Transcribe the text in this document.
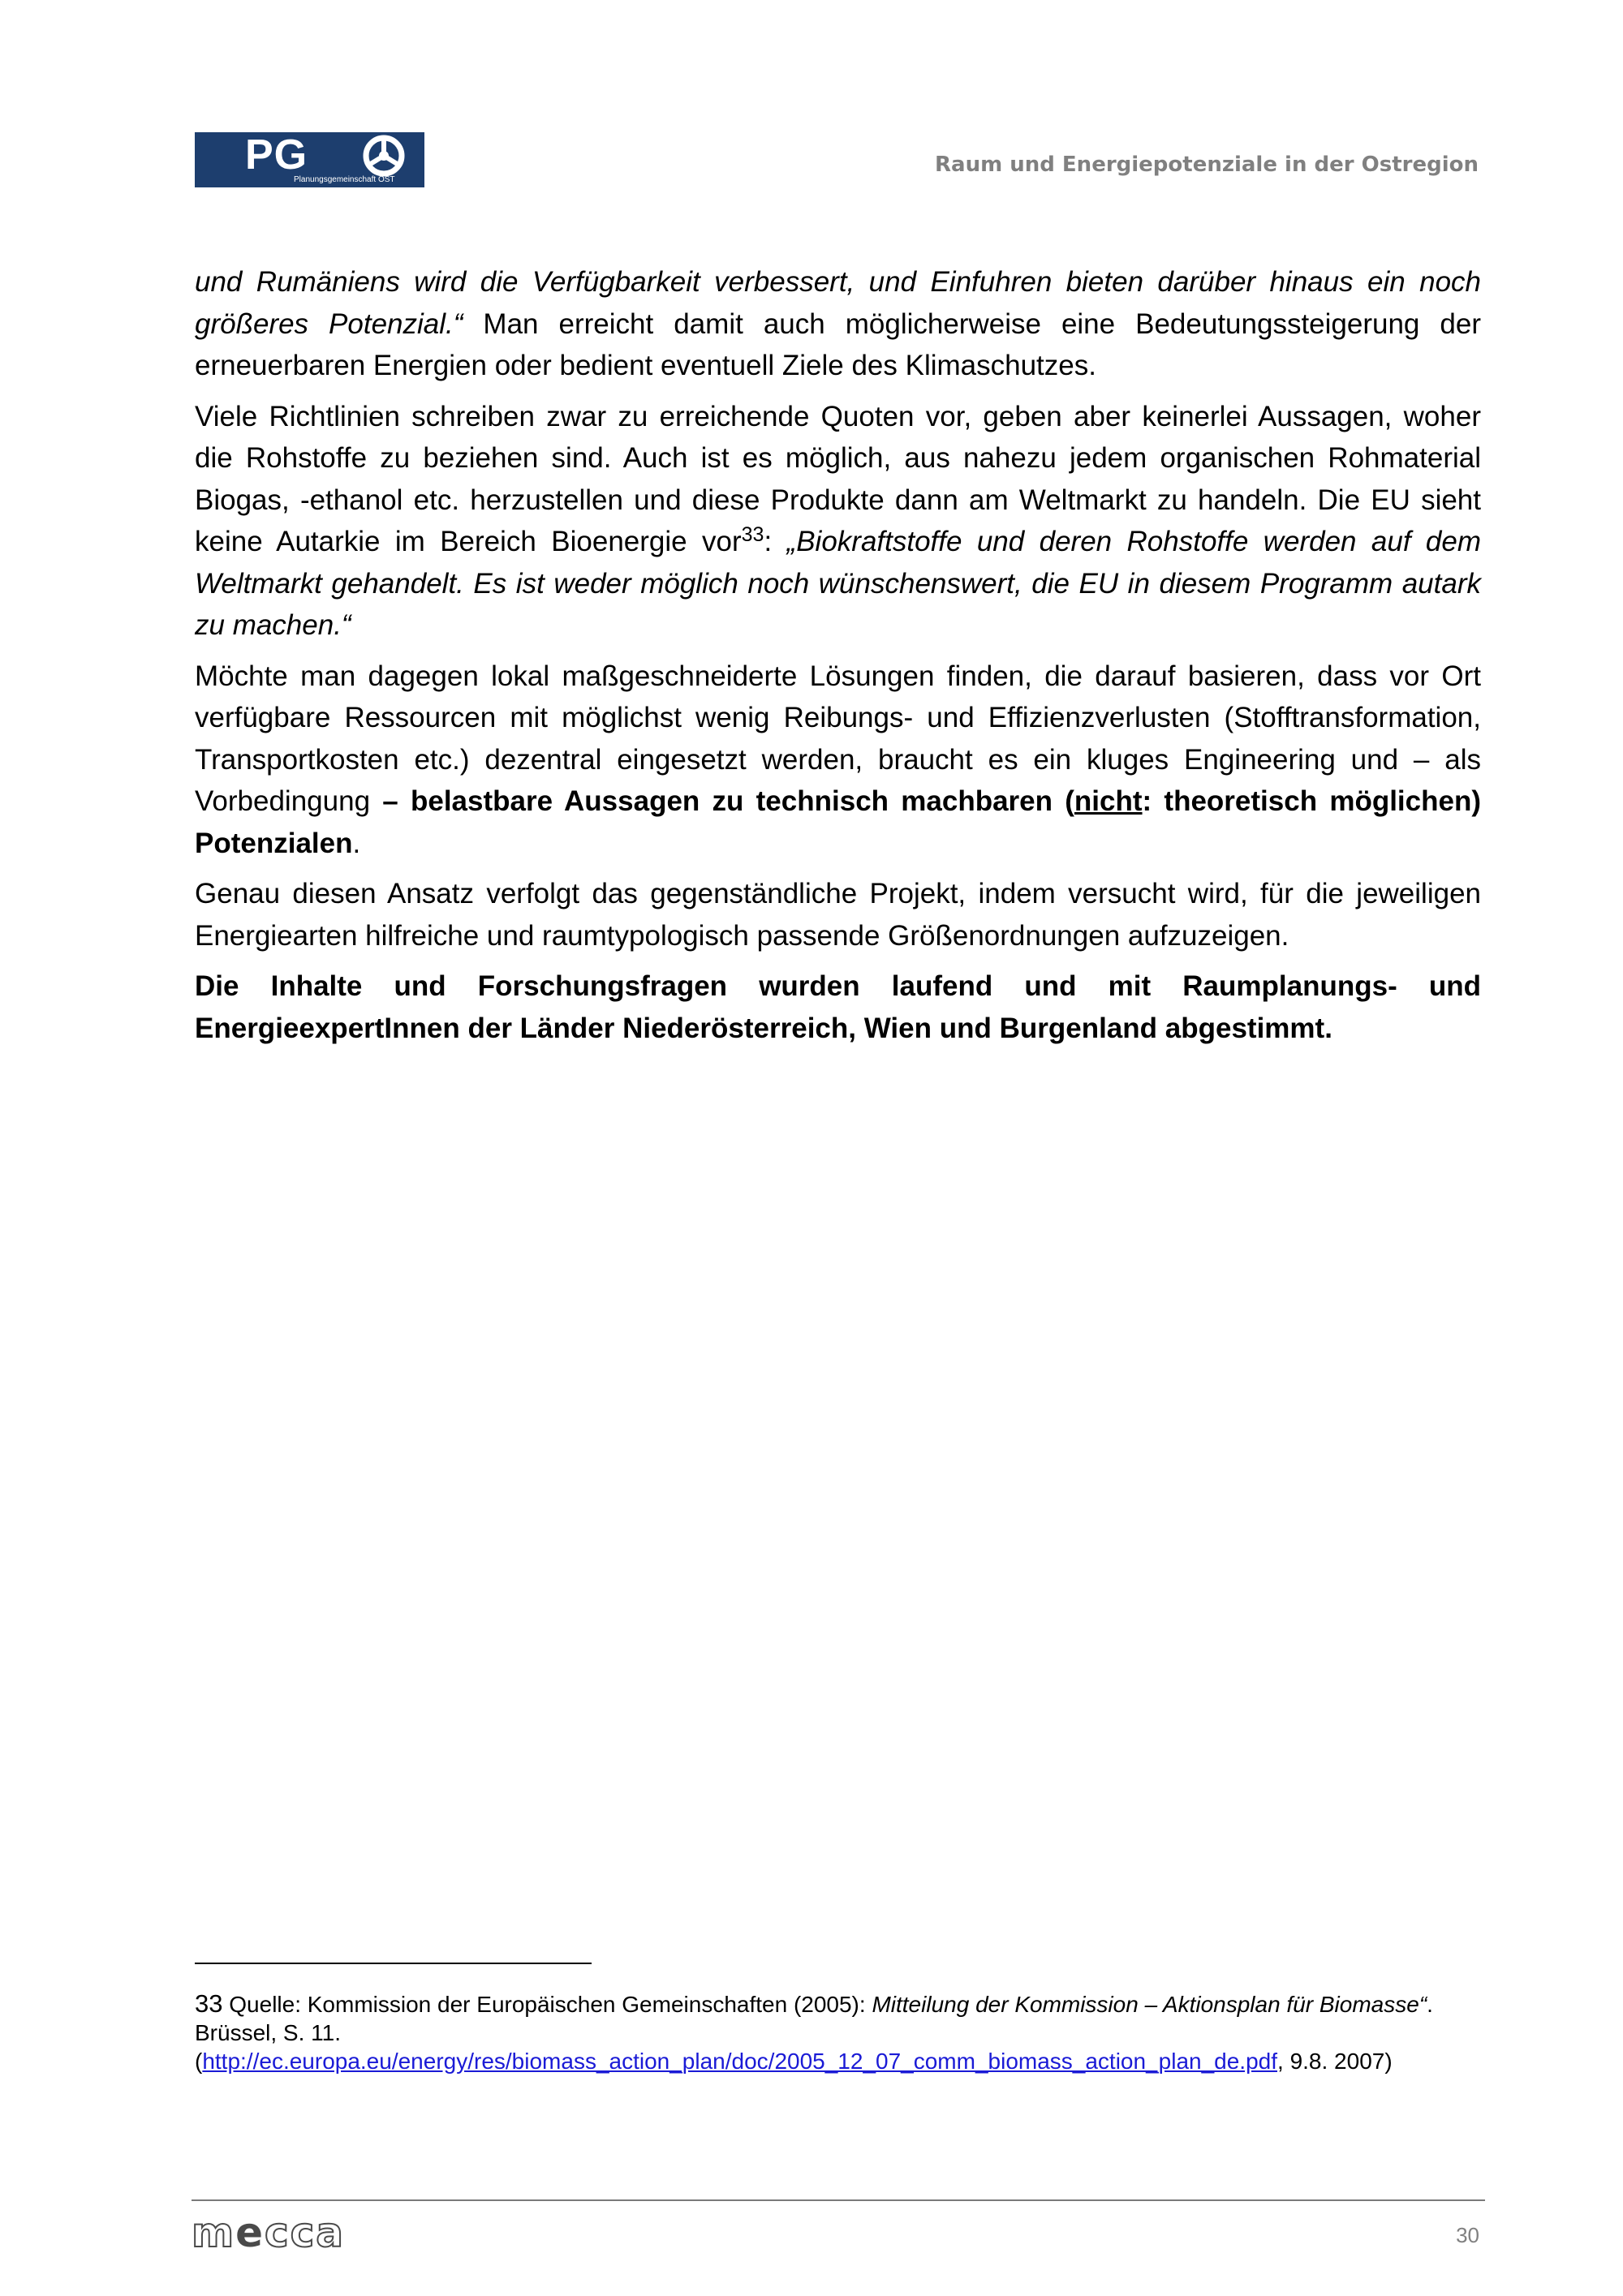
PG
Planungsgemeinschaft OST
Raum und Energiepotenziale in der Ostregion

und Rumäniens wird die Verfügbarkeit verbessert, und Einfuhren bieten darüber hinaus ein noch größeres Potenzial.“ Man erreicht damit auch möglicherweise eine Bedeutungssteigerung der erneuerbaren Energien oder bedient eventuell Ziele des Klimaschutzes.

Viele Richtlinien schreiben zwar zu erreichende Quoten vor, geben aber keinerlei Aussagen, woher die Rohstoffe zu beziehen sind. Auch ist es möglich, aus nahezu jedem organischen Rohmaterial Biogas, -ethanol etc. herzustellen und diese Produkte dann am Weltmarkt zu handeln. Die EU sieht keine Autarkie im Bereich Bioenergie vor$^{33}$: „Biokraftstoffe und deren Rohstoffe werden auf dem Weltmarkt gehandelt. Es ist weder möglich noch wünschenswert, die EU in diesem Programm autark zu machen.“

Möchte man dagegen lokal maßgeschneiderte Lösungen finden, die darauf basieren, dass vor Ort verfügbare Ressourcen mit möglichst wenig Reibungs- und Effizienzverlusten (Stofftransformation, Transportkosten etc.) dezentral eingesetzt werden, braucht es ein kluges Engineering und – als Vorbedingung – belastbare Aussagen zu technisch machbaren (nicht: theoretisch möglichen) Potenzialen.

Genau diesen Ansatz verfolgt das gegenständliche Projekt, indem versucht wird, für die jeweiligen Energiearten hilfreiche und raumtypologisch passende Größenordnungen aufzuzeigen.

Die Inhalte und Forschungsfragen wurden laufend und mit Raumplanungs- und EnergieexpertInnen der Länder Niederösterreich, Wien und Burgenland abgestimmt.

33 Quelle: Kommission der Europäischen Gemeinschaften (2005): Mitteilung der Kommission – Aktionsplan für Biomasse“. Brüssel, S. 11.
(http://ec.europa.eu/energy/res/biomass_action_plan/doc/2005_12_07_comm_biomass_action_plan_de.pdf, 9.8. 2007)
mecca	30
